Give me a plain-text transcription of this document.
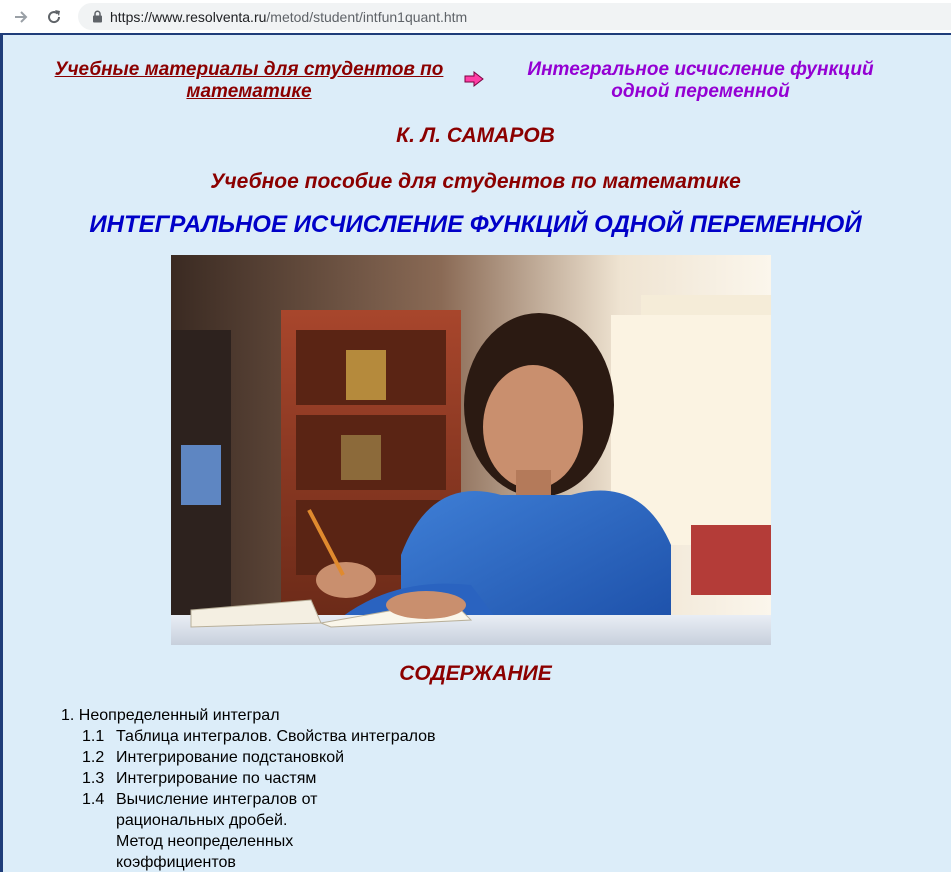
https://www.resolventa.ru/metod/student/intfun1quant.htm
Учебные материалы для студентов по математике
Интегральное исчисление функций одной переменной
К. Л. САМАРОВ
Учебное пособие для студентов по математике
ИНТЕГРАЛЬНОЕ ИСЧИСЛЕНИЕ ФУНКЦИЙ ОДНОЙ ПЕРЕМЕННОЙ
СОДЕРЖАНИЕ
1. Неопределенный интеграл
1.1 Таблица интегралов. Свойства интегралов
1.2 Интегрирование подстановкой
1.3 Интегрирование по частям
1.4 Вычисление интегралов от
рациональных дробей.
Метод неопределенных
коэффициентов
